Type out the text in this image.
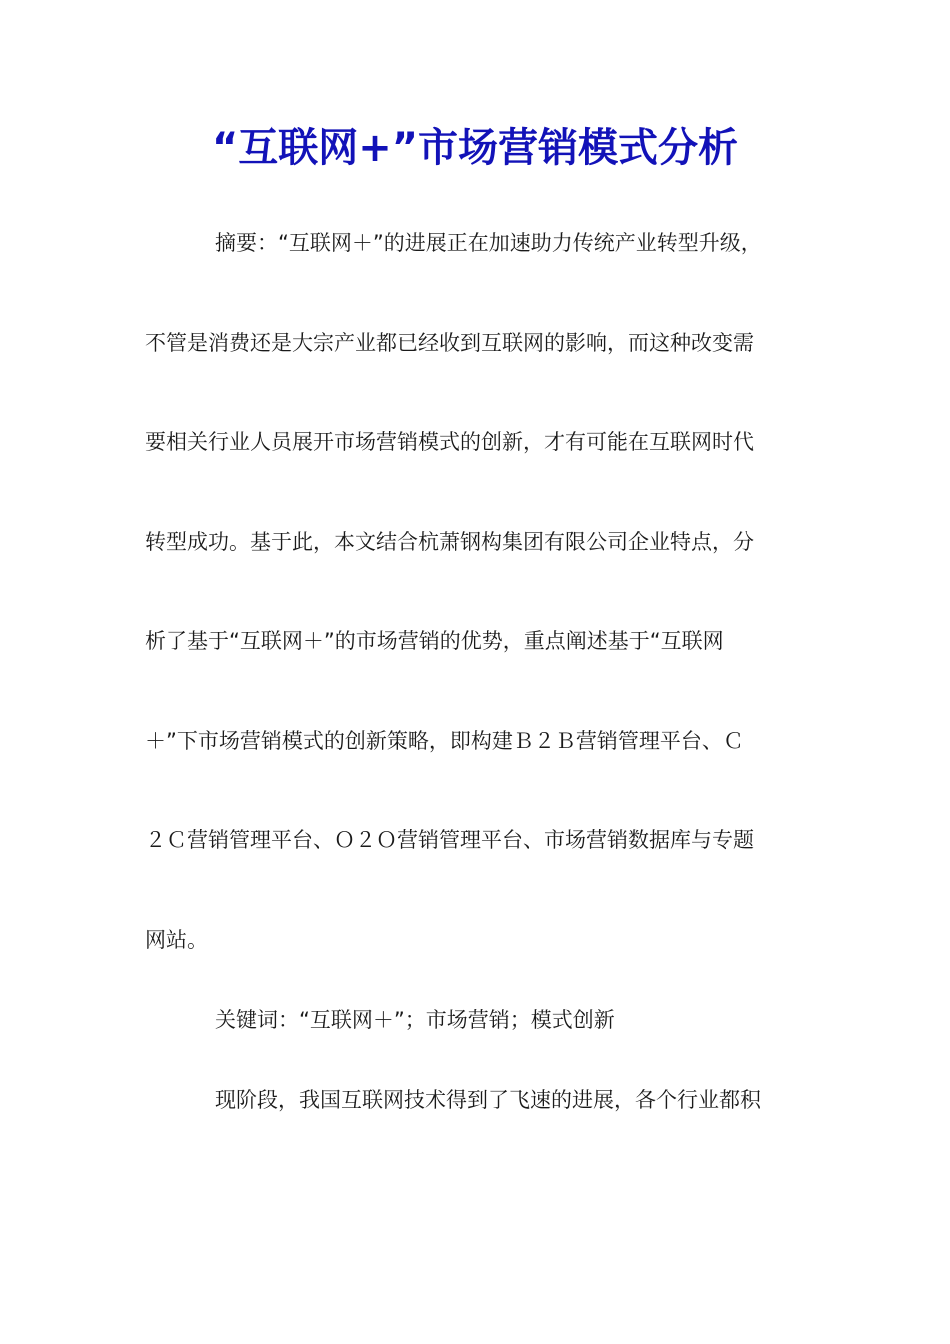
“互联网+”市场营销模式分析
摘要：“互联网＋”的进展正在加速助力传统产业转型升级，
不管是消费还是大宗产业都已经收到互联网的影响，而这种改变需
要相关行业人员展开市场营销模式的创新，才有可能在互联网时代
转型成功。基于此，本文结合杭萧钢构集团有限公司企业特点，分
析了基于“互联网＋”的市场营销的优势，重点阐述基于“互联网
＋”下市场营销模式的创新策略，即构建Ｂ２Ｂ营销管理平台、Ｃ
２Ｃ营销管理平台、Ｏ２Ｏ营销管理平台、市场营销数据库与专题
网站。
关键词：“互联网＋”；市场营销；模式创新
现阶段，我国互联网技术得到了飞速的进展，各个行业都积
